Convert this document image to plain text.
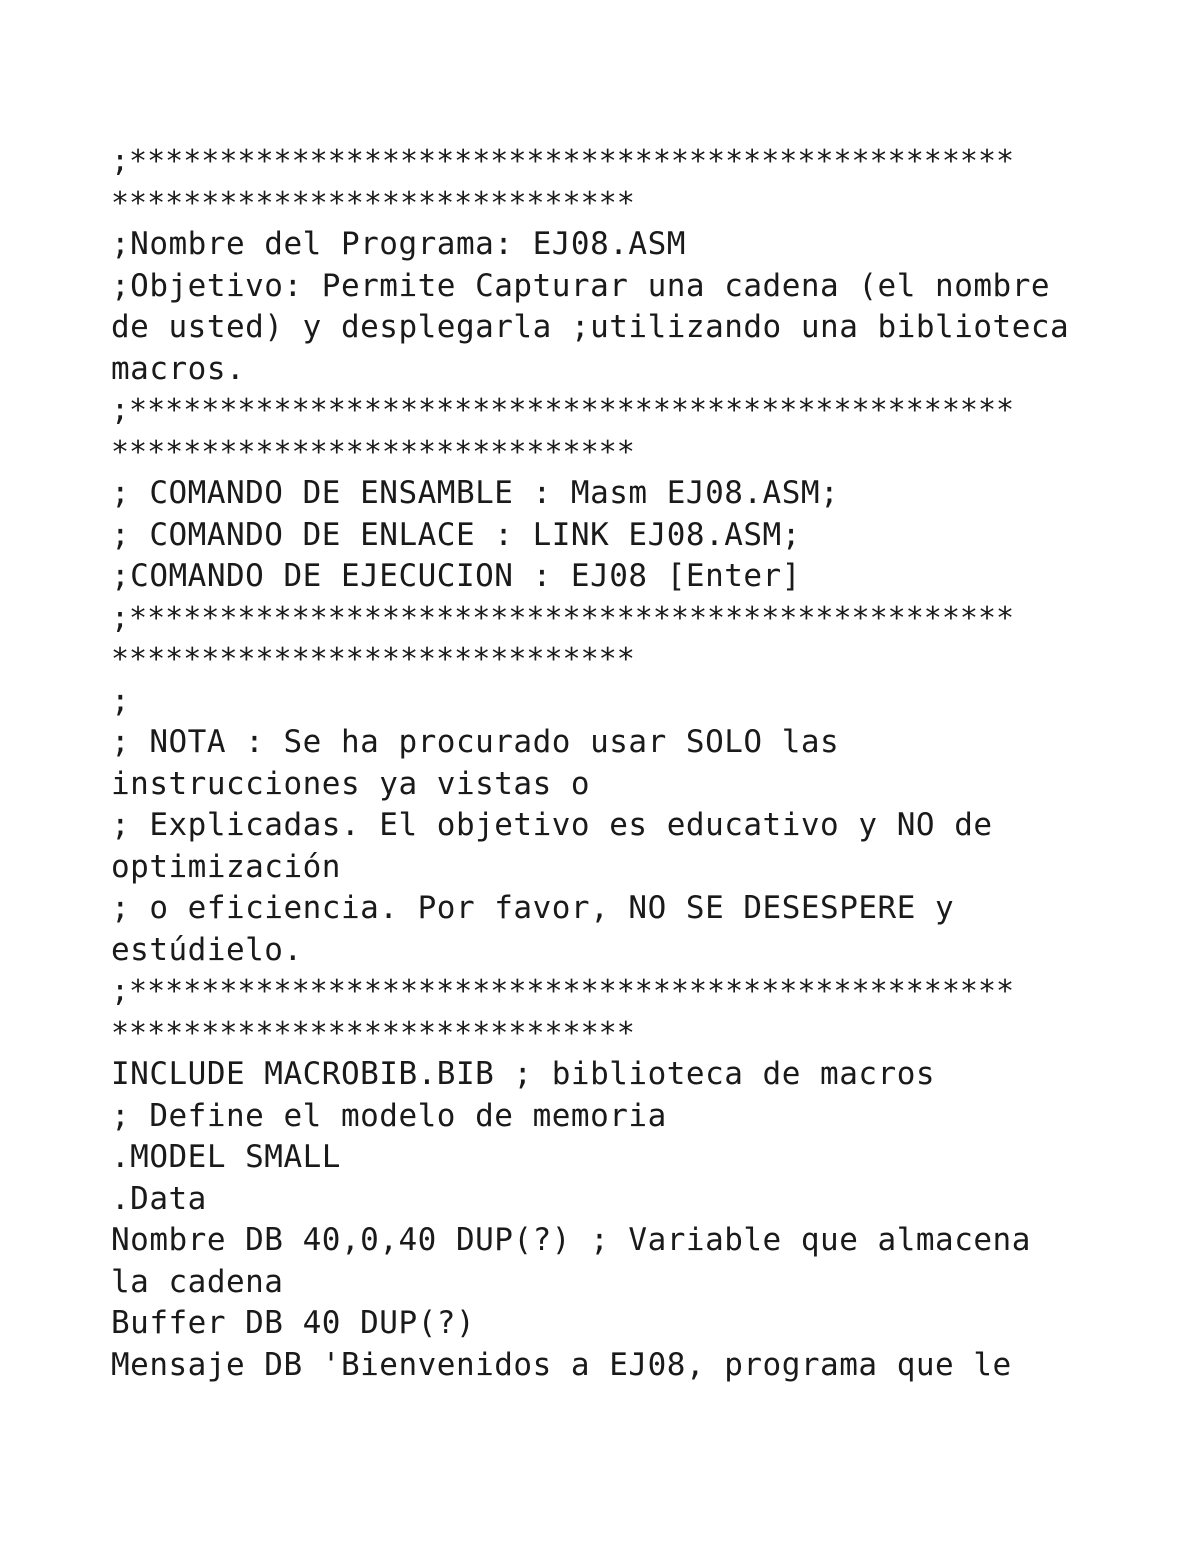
;*************************************************
*****************************
;Nombre del Programa: EJ08.ASM
;Objetivo: Permite Capturar una cadena (el nombre
de usted) y desplegarla ;utilizando una biblioteca
macros.
;*************************************************
*****************************
; COMANDO DE ENSAMBLE : Masm EJ08.ASM;
; COMANDO DE ENLACE : LINK EJ08.ASM;
;COMANDO DE EJECUCION : EJ08 [Enter]
;*************************************************
*****************************
;
; NOTA : Se ha procurado usar SOLO las
instrucciones ya vistas o
; Explicadas. El objetivo es educativo y NO de
optimización
; o eficiencia. Por favor, NO SE DESESPERE y
estúdielo.
;*************************************************
*****************************
INCLUDE MACROBIB.BIB ; biblioteca de macros
; Define el modelo de memoria
.MODEL SMALL
.Data
Nombre DB 40,0,40 DUP(?) ; Variable que almacena
la cadena
Buffer DB 40 DUP(?)
Mensaje DB 'Bienvenidos a EJ08, programa que le
